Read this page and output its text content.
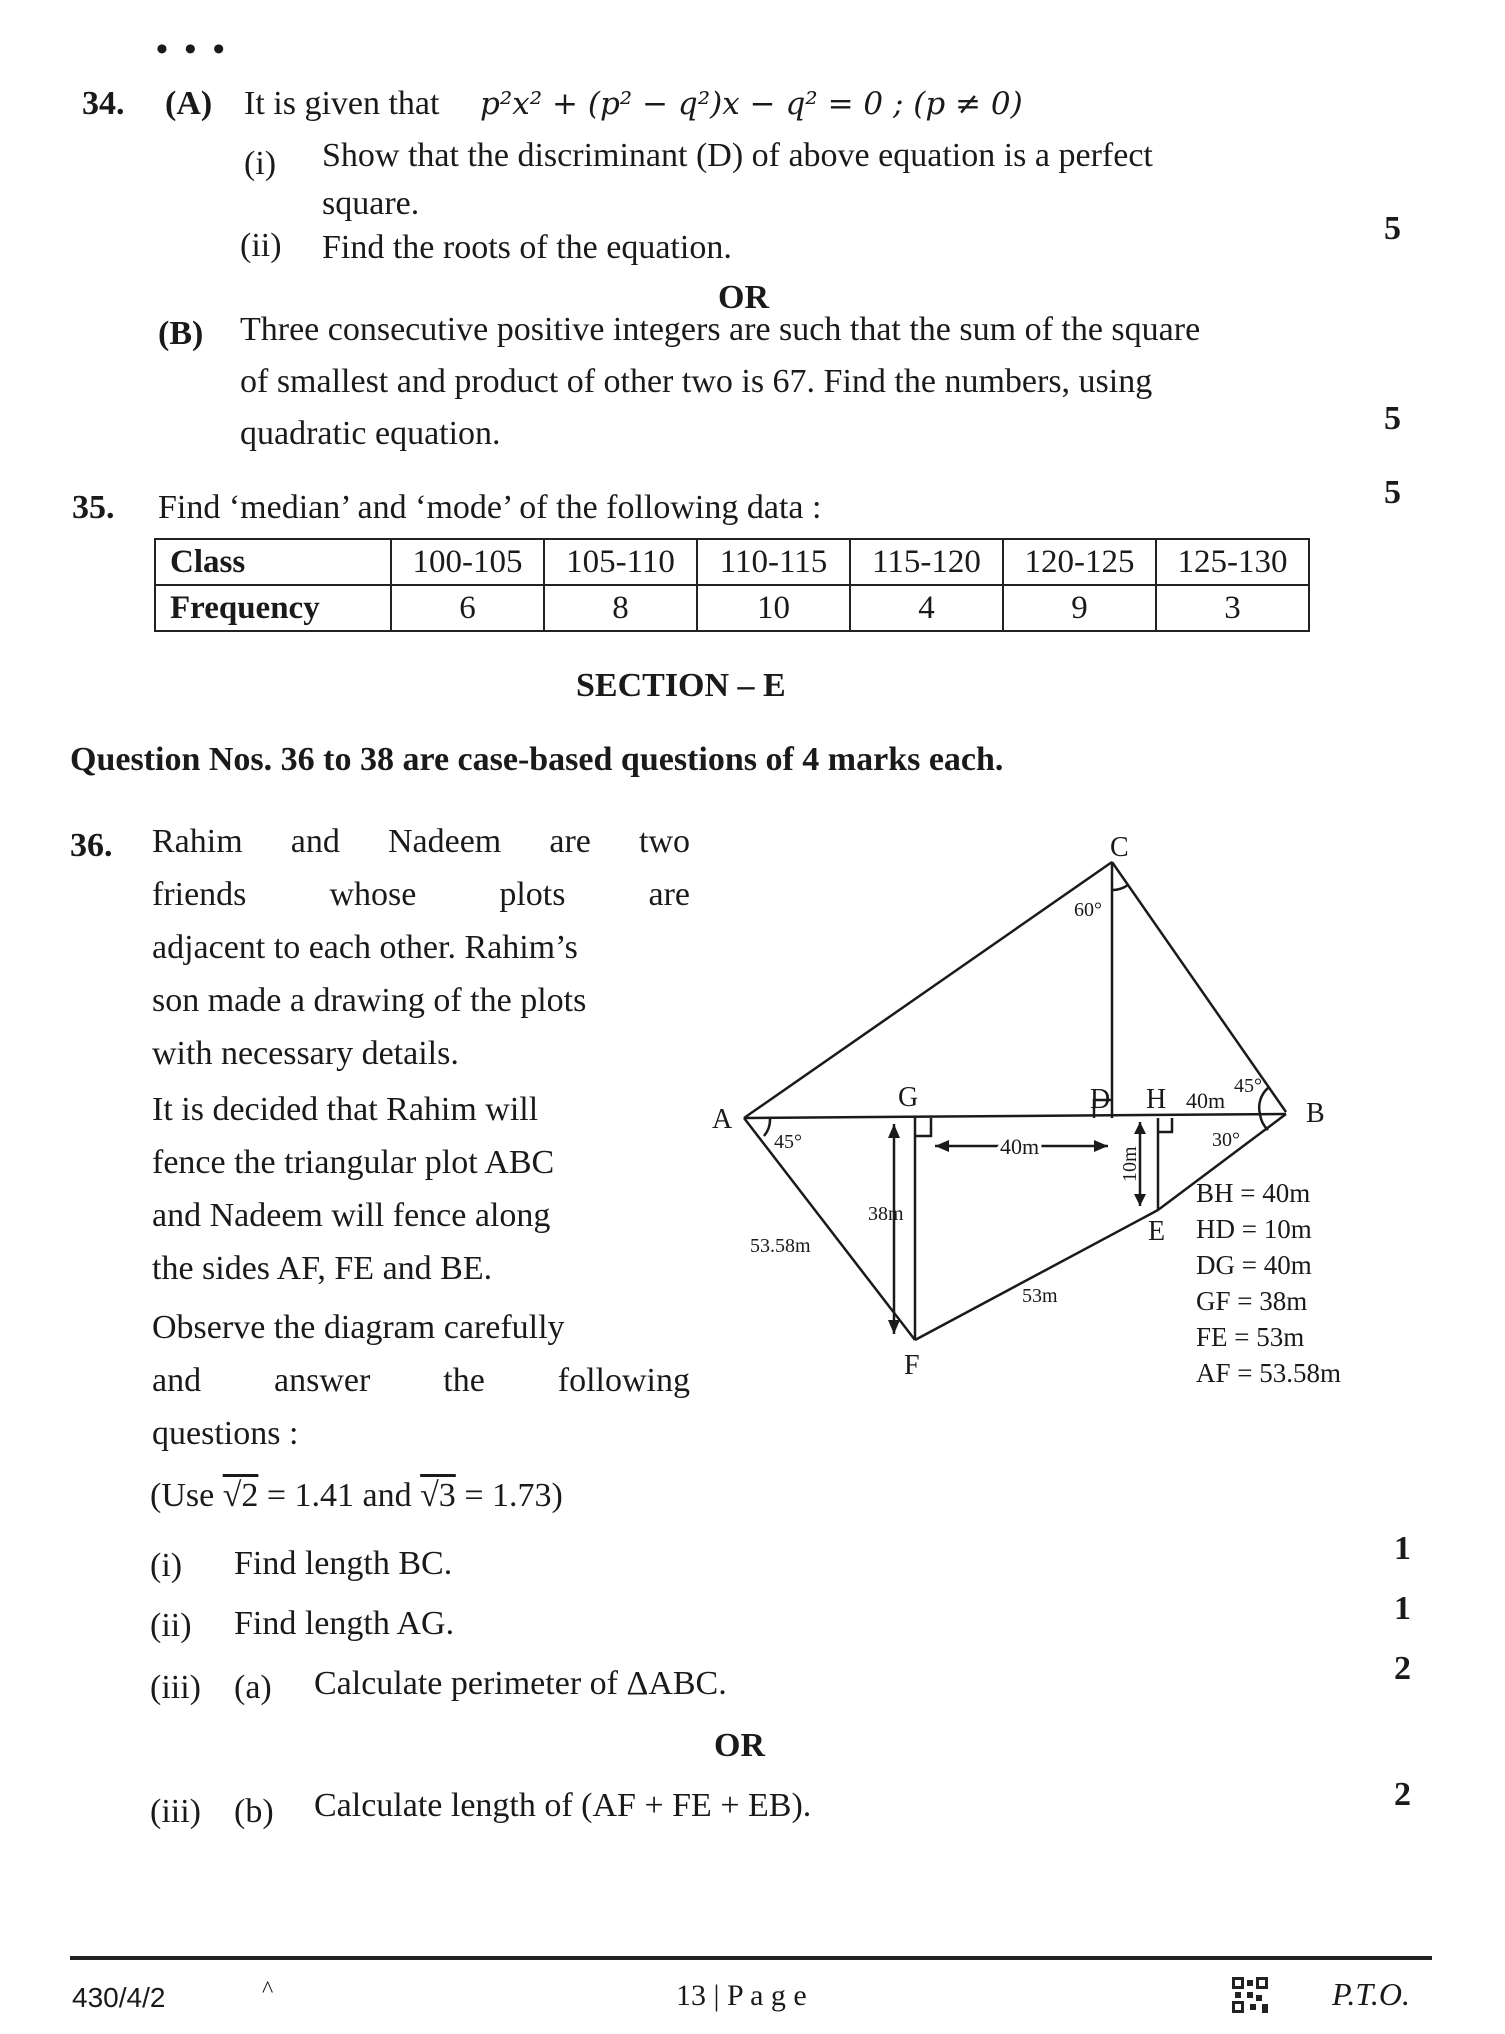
• • •
34. (A) It is given that p²x² + (p² − q²)x − q² = 0 ; (p ≠ 0)
(i) Show that the discriminant (D) of above equation is a perfect
square.
(ii) Find the roots of the equation.
5
OR
(B) Three consecutive positive integers are such that the sum of the square
of smallest and product of other two is 67. Find the numbers, using
quadratic equation.	5
35. Find ‘median’ and ‘mode’ of the following data :	5
Class	100-105	105-110	110-115	115-120	120-125	125-130
Frequency	6	8	10	4	9	3
SECTION – E
Question Nos. 36 to 38 are case-based questions of 4 marks each.
36. Rahim and Nadeem are two
friends whose plots are
adjacent to each other. Rahim’s
son made a drawing of the plots
with necessary details.
It is decided that Rahim will
fence the triangular plot ABC
and Nadeem will fence along
the sides AF, FE and BE.
Observe the diagram carefully
and answer the following
questions :
(Use √2 = 1.41 and √3 = 1.73)
(i) Find length BC.	1
(ii) Find length AG.	1
(iii) (a) Calculate perimeter of ΔABC.	2
OR
(iii) (b) Calculate length of (AF + FE + EB).	2
C
A	B
G	D H
E
F
45°
60°
45°
30°
40m
40m
38m
53.58m
53m
10m
BH = 40m
HD = 10m
DG = 40m
GF = 38m
FE = 53m
AF = 53.58m
430/4/2	^	13 | P a g e	P.T.O.
